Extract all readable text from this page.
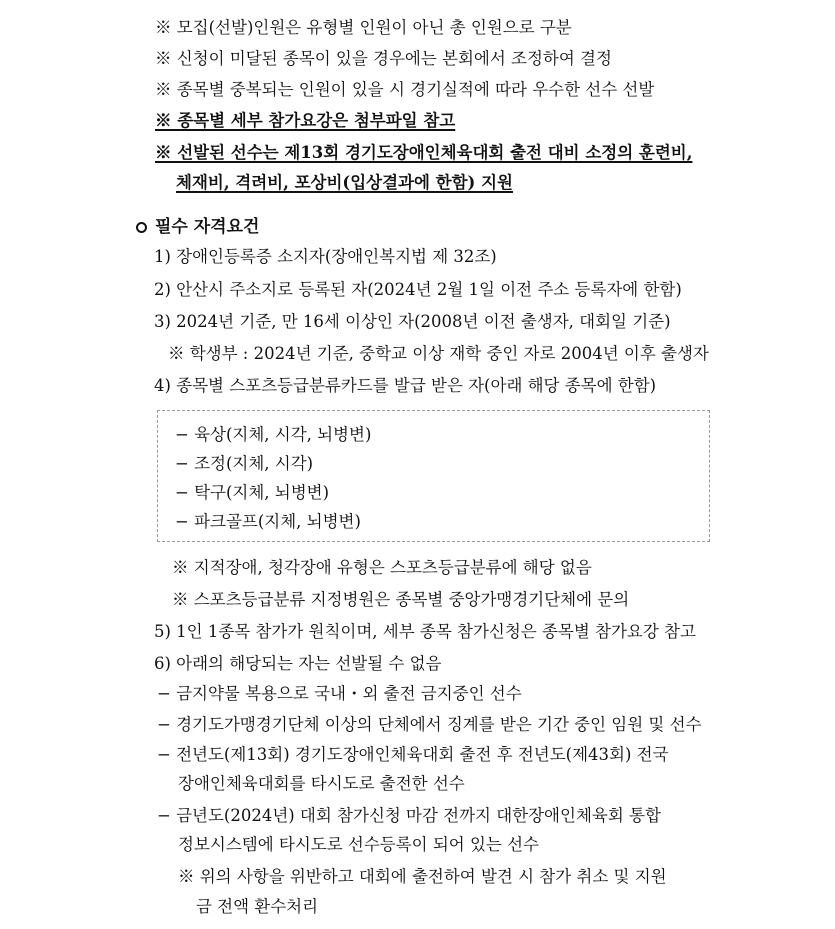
※ 모집(선발)인원은 유형별 인원이 아닌 총 인원으로 구분
※ 신청이 미달된 종목이 있을 경우에는 본회에서 조정하여 결정
※ 종목별 중복되는 인원이 있을 시 경기실적에 따라 우수한 선수 선발
※ 종목별 세부 참가요강은 첨부파일 참고
※ 선발된 선수는 제13회 경기도장애인체육대회 출전 대비 소정의 훈련비,
체재비, 격려비, 포상비(입상결과에 한함) 지원
필수 자격요건
1) 장애인등록증 소지자(장애인복지법 제 32조)
2) 안산시 주소지로 등록된 자(2024년 2월 1일 이전 주소 등록자에 한함)
3) 2024년 기준, 만 16세 이상인 자(2008년 이전 출생자, 대회일 기준)
※ 학생부 : 2024년 기준, 중학교 이상 재학 중인 자로 2004년 이후 출생자
4) 종목별 스포츠등급분류카드를 발급 받은 자(아래 해당 종목에 한함)
− 육상(지체, 시각, 뇌병변)
− 조정(지체, 시각)
− 탁구(지체, 뇌병변)
− 파크골프(지체, 뇌병변)
※ 지적장애, 청각장애 유형은 스포츠등급분류에 해당 없음
※ 스포츠등급분류 지정병원은 종목별 중앙가맹경기단체에 문의
5) 1인 1종목 참가가 원칙이며, 세부 종목 참가신청은 종목별 참가요강 참고
6) 아래의 해당되는 자는 선발될 수 없음
− 금지약물 복용으로 국내・외 출전 금지중인 선수
− 경기도가맹경기단체 이상의 단체에서 징계를 받은 기간 중인 임원 및 선수
− 전년도(제13회) 경기도장애인체육대회 출전 후 전년도(제43회) 전국
장애인체육대회를 타시도로 출전한 선수
− 금년도(2024년) 대회 참가신청 마감 전까지 대한장애인체육회 통합
정보시스템에 타시도로 선수등록이 되어 있는 선수
※ 위의 사항을 위반하고 대회에 출전하여 발견 시 참가 취소 및 지원
금 전액 환수처리
